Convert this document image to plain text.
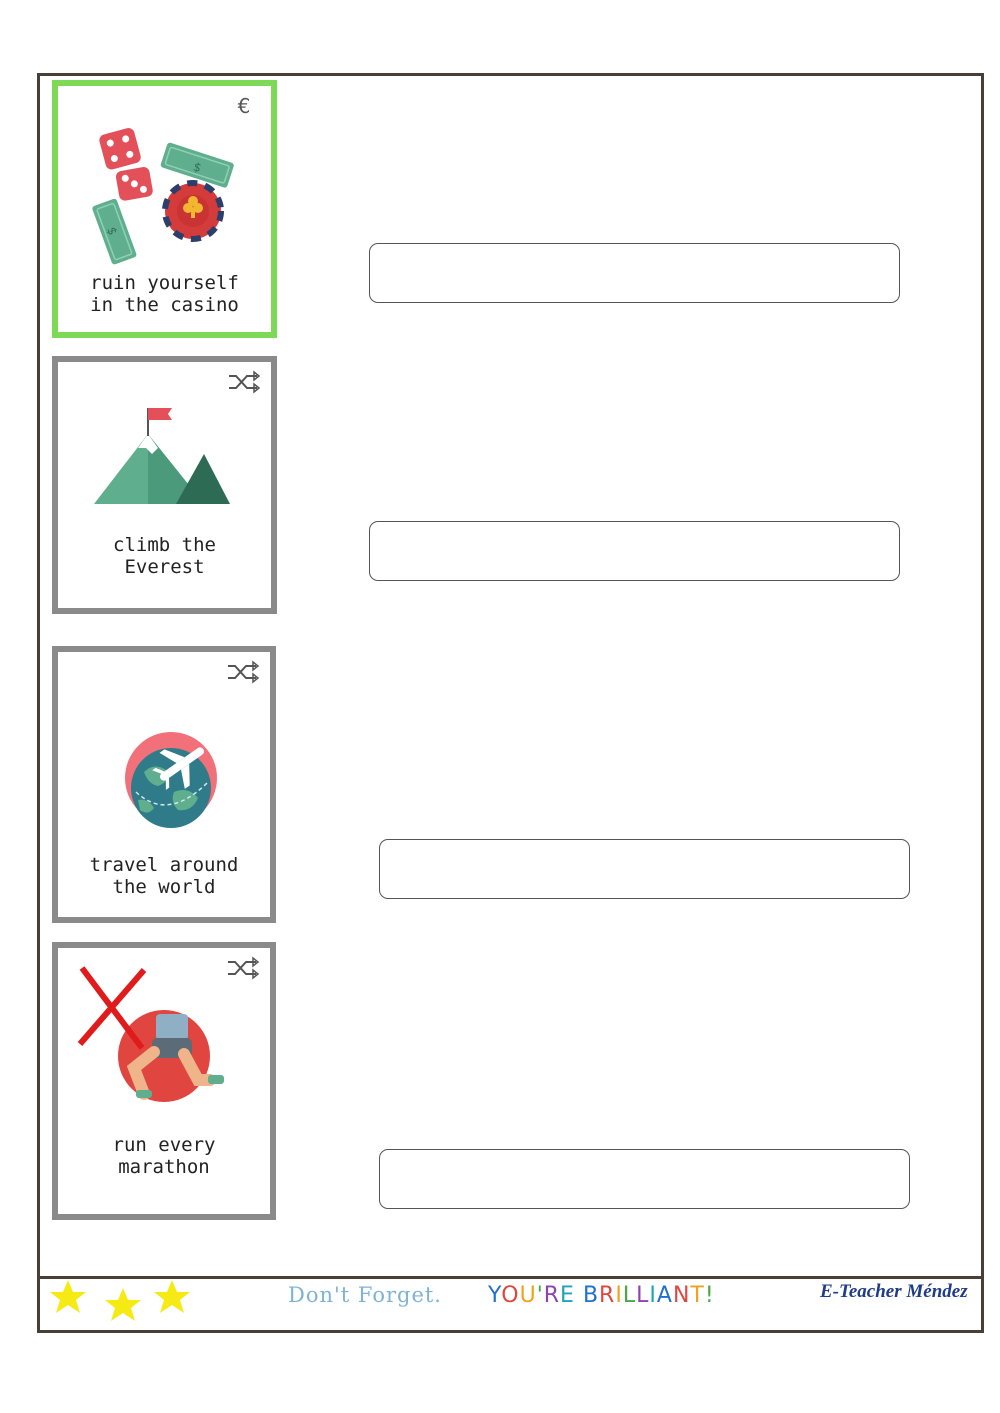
€
$
$
ruin yourself
in the casino
climb the
Everest
travel around
the world
run every
marathon
Don't Forget. YOU'RE BRILLIANT!	E-Teacher Méndez
